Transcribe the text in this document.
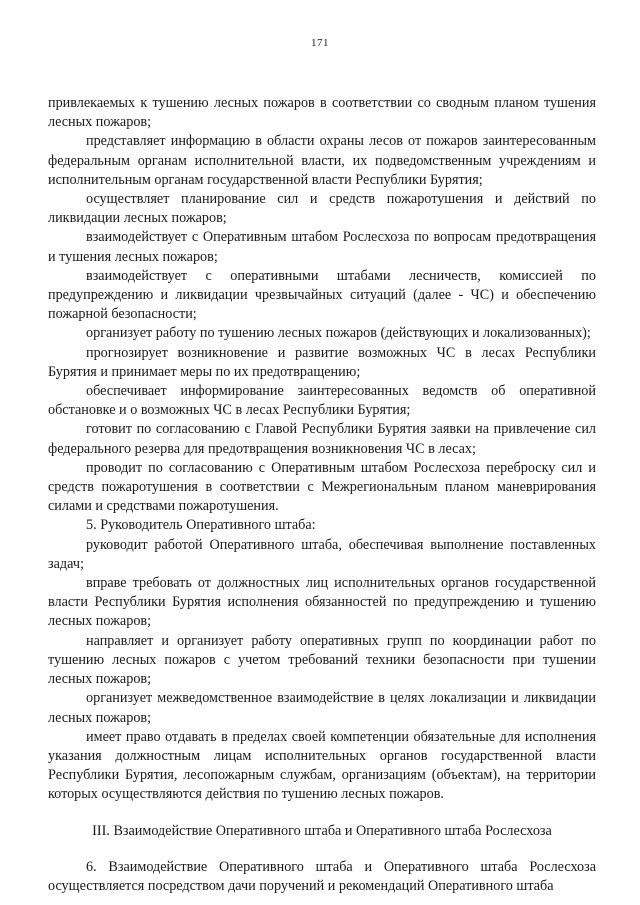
171

привлекаемых к тушению лесных пожаров в соответствии со сводным планом тушения лесных пожаров;

представляет информацию в области охраны лесов от пожаров заинтересованным федеральным органам исполнительной власти, их подведомственным учреждениям и исполнительным органам государственной власти Республики Бурятия;

осуществляет планирование сил и средств пожаротушения и действий по ликвидации лесных пожаров;

взаимодействует с Оперативным штабом Рослесхоза по вопросам предотвращения и тушения лесных пожаров;

взаимодействует с оперативными штабами лесничеств, комиссией по предупреждению и ликвидации чрезвычайных ситуаций (далее - ЧС) и обеспечению пожарной безопасности;

организует работу по тушению лесных пожаров (действующих и локализованных);

прогнозирует возникновение и развитие возможных ЧС в лесах Республики Бурятия и принимает меры по их предотвращению;

обеспечивает информирование заинтересованных ведомств об оперативной обстановке и о возможных ЧС в лесах Республики Бурятия;

готовит по согласованию с Главой Республики Бурятия заявки на привлечение сил федерального резерва для предотвращения возникновения ЧС в лесах;

проводит по согласованию с Оперативным штабом Рослесхоза переброску сил и средств пожаротушения в соответствии с Межрегиональным планом маневрирования силами и средствами пожаротушения.

5. Руководитель Оперативного штаба:

руководит работой Оперативного штаба, обеспечивая выполнение поставленных задач;

вправе требовать от должностных лиц исполнительных органов государственной власти Республики Бурятия исполнения обязанностей по предупреждению и тушению лесных пожаров;

направляет и организует работу оперативных групп по координации работ по тушению лесных пожаров с учетом требований техники безопасности при тушении лесных пожаров;

организует межведомственное взаимодействие в целях локализации и ликвидации лесных пожаров;

имеет право отдавать в пределах своей компетенции обязательные для исполнения указания должностным лицам исполнительных органов государственной власти Республики Бурятия, лесопожарным службам, организациям (объектам), на территории которых осуществляются действия по тушению лесных пожаров.

III. Взаимодействие Оперативного штаба и Оперативного штаба Рослесхоза

6. Взаимодействие Оперативного штаба и Оперативного штаба Рослесхоза осуществляется посредством дачи поручений и рекомендаций Оперативного штаба
